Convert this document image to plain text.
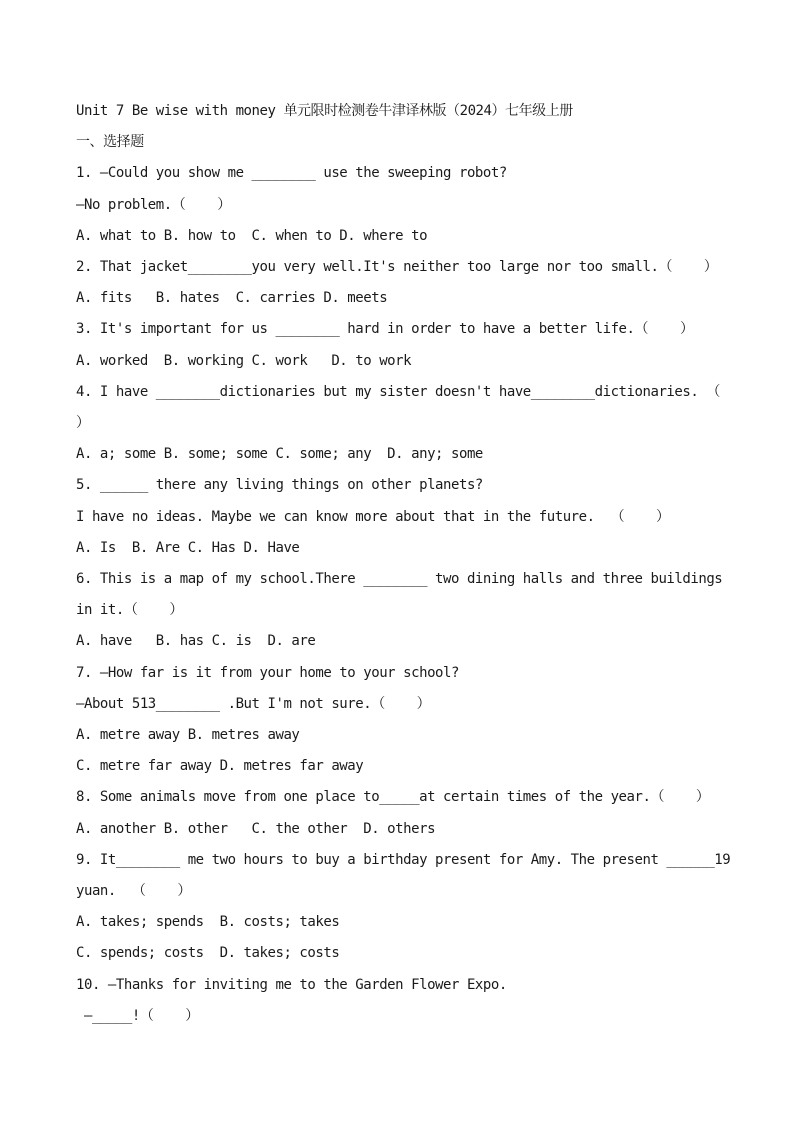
Unit 7 Be wise with money 单元限时检测卷牛津译林版（2024）七年级上册

一、选择题

1. —Could you show me ________ use the sweeping robot?

—No problem.（    ）

A. what to B. how to  C. when to D. where to

2. That jacket________you very well.It's neither too large nor too small.（    ）

A. fits   B. hates  C. carries D. meets

3. It's important for us ________ hard in order to have a better life.（    ）

A. worked  B. working C. work   D. to work

4. I have ________dictionaries but my sister doesn't have________dictionaries. （

）

A. a; some B. some; some C. some; any  D. any; some

5. ______ there any living things on other planets?

I have no ideas. Maybe we can know more about that in the future.  （    ）

A. Is  B. Are C. Has D. Have

6. This is a map of my school.There ________ two dining halls and three buildings

in it.（    ）

A. have   B. has C. is  D. are

7. —How far is it from your home to your school?

—About 513________ .But I'm not sure.（    ）

A. metre away B. metres away

C. metre far away D. metres far away

8. Some animals move from one place to_____at certain times of the year.（    ）

A. another B. other   C. the other  D. others

9. It________ me two hours to buy a birthday present for Amy. The present ______19

yuan.  （    ）

A. takes; spends  B. costs; takes

C. spends; costs  D. takes; costs

10. –Thanks for inviting me to the Garden Flower Expo.

–_____!（    ）
